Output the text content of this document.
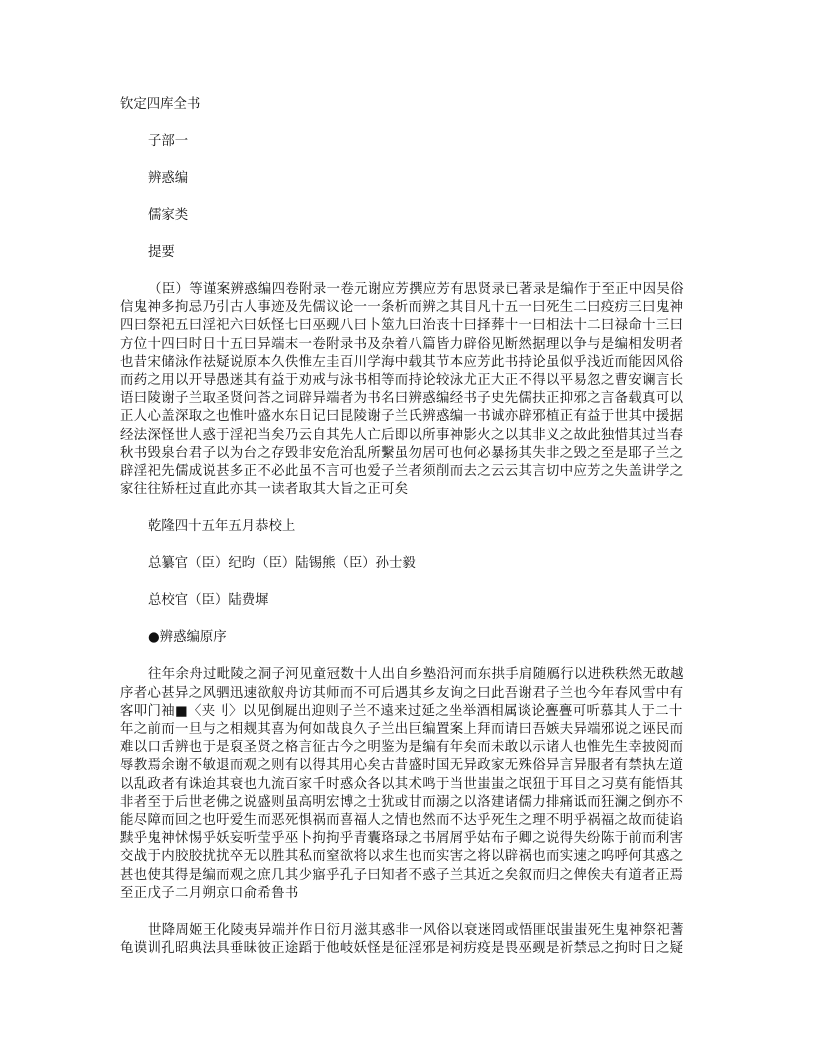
钦定四库全书

子部一

辨惑编

儒家类

提要

（臣）等谨案辨惑编四卷附录一卷元谢应芳撰应芳有思贤录已著录是编作于至正中因吴俗
信鬼神多拘忌乃引古人事迹及先儒议论一一条析而辨之其目凡十五一曰死生二曰疫疠三曰鬼神
四曰祭祀五曰淫祀六曰妖怪七曰巫觋八曰卜筮九曰治丧十曰择葬十一曰相法十二曰禄命十三曰
方位十四曰时日十五曰异端末一卷附录书及杂着八篇皆力辟俗见断然据理以争与是编相发明者
也昔宋储泳作祛疑说原本久佚惟左圭百川学海中载其节本应芳此书持论虽似乎浅近而能因风俗
而药之用以开导愚迷其有益于劝戒与泳书相等而持论较泳尤正大正不得以平易忽之曹安谰言长
语曰陵谢子兰取圣贤问荅之词辟异端者为书名曰辨惑编经书子史先儒扶正抑邪之言备载真可以
正人心盖深取之也惟叶盛水东日记曰昆陵谢子兰氏辨惑编一书诚亦辟邪植正有益于世其中援据
经法深怪世人惑于淫祀当矣乃云自其先人亡后即以所事神影火之以其非义之故此独惜其过当春
秋书毁泉台君子以为台之存毁非安危治乱所繫虽勿居可也何必暴扬其失非之毁之至是耶子兰之
辟淫祀先儒成说甚多正不必此虽不言可也爱子兰者须削而去之云云其言切中应芳之失盖讲学之
家往往矫枉过直此亦其一读者取其大旨之正可矣

乾隆四十五年五月恭校上

总纂官（臣）纪昀（臣）陆锡熊（臣）孙士毅

总校官（臣）陆费墀

●辨惑编原序

往年余舟过毗陵之洞子河见童冠数十人出自乡塾沿河而东拱手肩随鴈行以进秩秩然无敢越
序者心甚异之风驷迅速欲舣舟访其师而不可后遇其乡友询之曰此吾谢君子兰也今年春风雪中有
客叩门袖■〈夹刂〉以见倒屣出迎则子兰不遠来过延之坐举酒相属谈论亹亹可听慕其人于二十
年之前而一旦与之相觌其喜为何如哉良久子兰出巨编置案上拜而请曰吾嫉夫异端邪说之诬民而
难以口舌辨也于是裒圣贤之格言征古今之明鉴为是编有年矣而未敢以示诸人也惟先生幸披阅而
辱教焉余谢不敏退而观之则有以得其用心矣古昔盛时国无异政家无殊俗异言异服者有禁执左道
以乱政者有诛迨其衰也九流百家千时惑众各以其术鸣于当世蚩蚩之氓狃于耳目之习莫有能悟其
非者至于后世老佛之说盛则虽高明宏博之士犹或甘而溺之以洛建诸儒力排痛诋而狂澜之倒亦不
能尽障而回之也吁爱生而恶死惧祸而喜福人之情也然而不达乎死生之理不明乎祸福之故而徒谄
黩乎鬼神怵惕乎妖妄听莹乎巫卜拘拘乎青囊珞琭之书屑屑乎姑布子卿之说得失纷陈于前而利害
交战于内胶胶扰扰卒无以胜其私而窒欲将以求生也而实害之将以辟祸也而实速之呜呼何其惑之
甚也使其得是编而观之庶几其少寤乎孔子曰知者不惑子兰其近之矣叙而归之俾俟夫有道者正焉
至正戊子二月朔京口俞希鲁书
世降周姬王化陵夷异端并作日衍月滋其惑非一风俗以衰迷罔或悟匪氓蚩蚩死生鬼神祭祀蓍
龟谟训孔昭典法具垂昧彼正途蹈于他岐妖怪是征淫邪是祠疠疫是畏巫觋是祈禁忌之拘时日之疑
